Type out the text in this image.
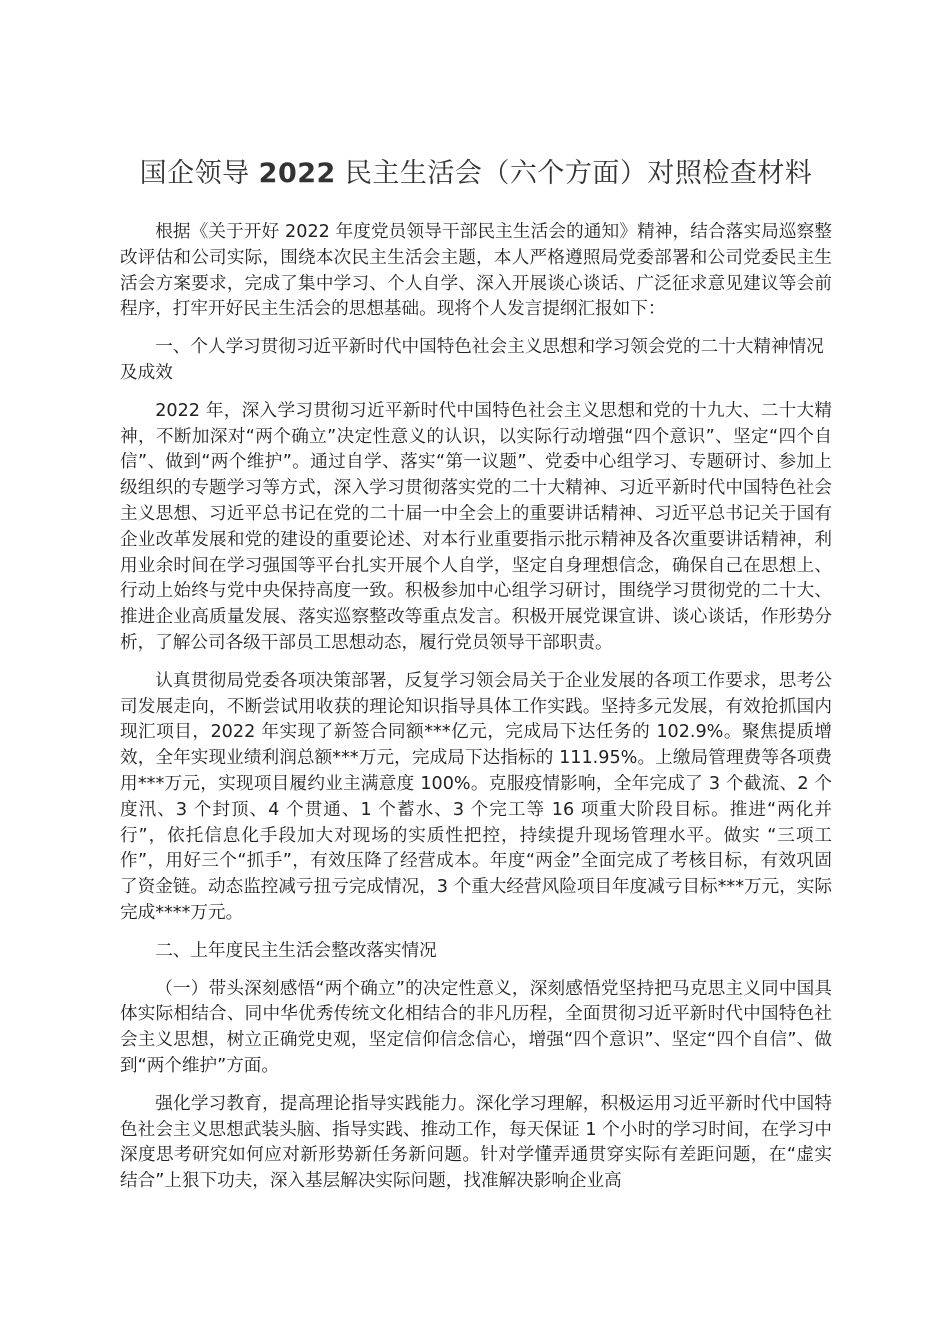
国企领导 2022 民主生活会（六个方面）对照检查材料

根据《关于开好 2022 年度党员领导干部民主生活会的通知》精神，结合落实局巡察整改评估和公司实际，围绕本次民主生活会主题，本人严格遵照局党委部署和公司党委民主生活会方案要求，完成了集中学习、个人自学、深入开展谈心谈话、广泛征求意见建议等会前程序，打牢开好民主生活会的思想基础。现将个人发言提纲汇报如下：

一、个人学习贯彻习近平新时代中国特色社会主义思想和学习领会党的二十大精神情况及成效

2022 年，深入学习贯彻习近平新时代中国特色社会主义思想和党的十九大、二十大精神，不断加深对“两个确立”决定性意义的认识，以实际行动增强“四个意识”、坚定“四个自信”、做到“两个维护”。通过自学、落实“第一议题”、党委中心组学习、专题研讨、参加上级组织的专题学习等方式，深入学习贯彻落实党的二十大精神、习近平新时代中国特色社会主义思想、习近平总书记在党的二十届一中全会上的重要讲话精神、习近平总书记关于国有企业改革发展和党的建设的重要论述、对本行业重要指示批示精神及各次重要讲话精神，利用业余时间在学习强国等平台扎实开展个人自学，坚定自身理想信念，确保自己在思想上、行动上始终与党中央保持高度一致。积极参加中心组学习研讨，围绕学习贯彻党的二十大、推进企业高质量发展、落实巡察整改等重点发言。积极开展党课宣讲、谈心谈话，作形势分析，了解公司各级干部员工思想动态，履行党员领导干部职责。

认真贯彻局党委各项决策部署，反复学习领会局关于企业发展的各项工作要求，思考公司发展走向，不断尝试用收获的理论知识指导具体工作实践。坚持多元发展，有效抢抓国内现汇项目，2022 年实现了新签合同额***亿元，完成局下达任务的 102.9%。聚焦提质增效，全年实现业绩利润总额***万元，完成局下达指标的 111.95%。上缴局管理费等各项费用***万元，实现项目履约业主满意度 100%。克服疫情影响，全年完成了 3 个截流、2 个度汛、3 个封顶、4 个贯通、1 个蓄水、3 个完工等 16 项重大阶段目标。推进“两化并行”，依托信息化手段加大对现场的实质性把控，持续提升现场管理水平。做实 “三项工作”，用好三个“抓手”，有效压降了经营成本。年度“两金”全面完成了考核目标，有效巩固了资金链。动态监控减亏扭亏完成情况，3 个重大经营风险项目年度减亏目标***万元，实际完成****万元。

二、上年度民主生活会整改落实情况

（一）带头深刻感悟“两个确立”的决定性意义，深刻感悟党坚持把马克思主义同中国具体实际相结合、同中华优秀传统文化相结合的非凡历程，全面贯彻习近平新时代中国特色社会主义思想，树立正确党史观，坚定信仰信念信心，增强“四个意识”、坚定“四个自信”、做到“两个维护”方面。

强化学习教育，提高理论指导实践能力。深化学习理解，积极运用习近平新时代中国特色社会主义思想武装头脑、指导实践、推动工作，每天保证 1 个小时的学习时间，在学习中深度思考研究如何应对新形势新任务新问题。针对学懂弄通贯穿实际有差距问题，在“虚实结合”上狠下功夫，深入基层解决实际问题，找准解决影响企业高
